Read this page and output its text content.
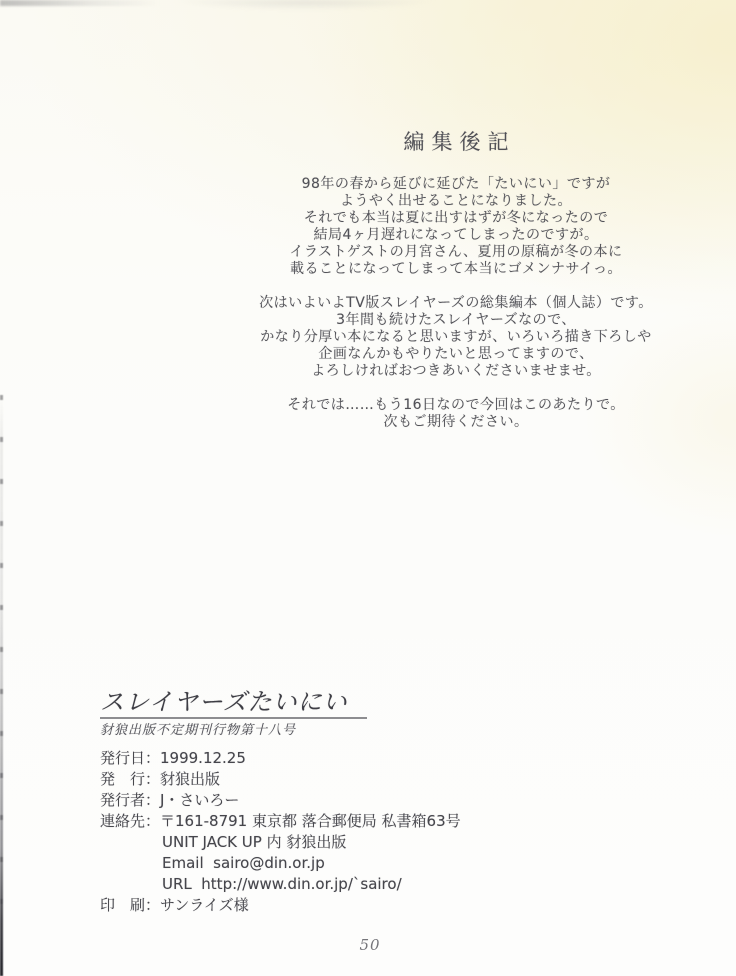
編集後記
98年の春から延びに延びた「たいにい」ですが
ようやく出せることになりました。
それでも本当は夏に出すはずが冬になったので
結局4ヶ月遅れになってしまったのですが。
イラストゲストの月宮さん、夏用の原稿が冬の本に
載ることになってしまって本当にゴメンナサイっ。
次はいよいよTV版スレイヤーズの総集編本（個人誌）です。
3年間も続けたスレイヤーズなので、
かなり分厚い本になると思いますが、いろいろ描き下ろしや
企画なんかもやりたいと思ってますので、
よろしければおつきあいくださいませませ。
それでは……もう16日なので今回はこのあたりで。
次もご期待ください。
スレイヤーズたいにい
豺狼出版不定期刊行物第十八号
発行日：1999.12.25
発　行：豺狼出版
発行者：J・さいろー
連絡先：〒161-8791 東京都 落合郵便局 私書箱63号
UNIT JACK UP 内 豺狼出版
Email  sairo@din.or.jp
URL  http://www.din.or.jp/`sairo/
印　刷：サンライズ様
50
